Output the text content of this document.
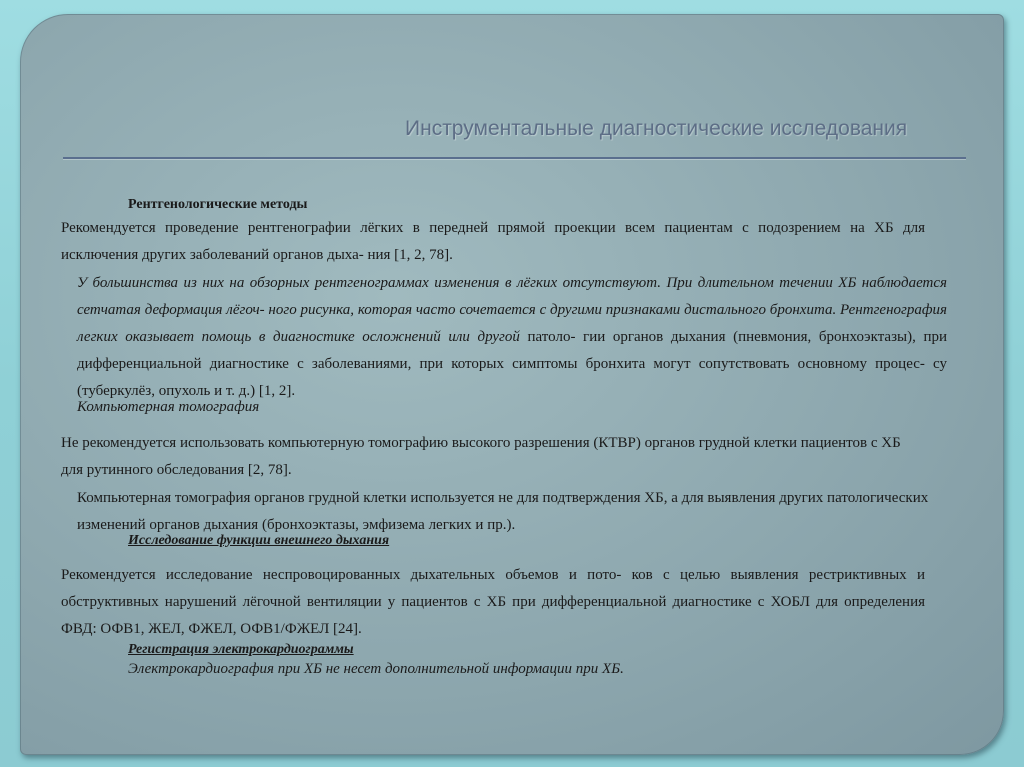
Инструментальные диагностические исследования
Рентгенологические методы

Рекомендуется проведение рентгенографии лёгких в передней прямой проекции всем пациентам с подозрением на ХБ для исключения других заболеваний органов дыха- ния [1, 2, 78].

У большинства из них на обзорных рентгенограммах изменения в лёгких отсутствуют. При длительном течении ХБ наблюдается сетчатая деформация лёгоч- ного рисунка, которая часто сочетается с другими признаками дистального бронхита. Рентгенография легких оказывает помощь в диагностике осложнений или другой патоло- гии органов дыхания (пневмония, бронхоэктазы), при дифференциальной диагностике с заболеваниями, при которых симптомы бронхита могут сопутствовать основному процес- су (туберкулёз, опухоль и т. д.) [1, 2].

Компьютерная томография

Не рекомендуется использовать компьютерную томографию высокого разрешения (КТВР) органов грудной клетки пациентов с ХБ для рутинного обследования [2, 78].

Компьютерная томография органов грудной клетки используется не для подтверждения ХБ, а для выявления других патологических изменений органов дыхания (бронхоэктазы, эмфизема легких и пр.).

Исследование функции внешнего дыхания

Рекомендуется исследование неспровоцированных дыхательных объемов и пото- ков с целью выявления рестриктивных и обструктивных нарушений лёгочной вентиляции у пациентов с ХБ при дифференциальной диагностике с ХОБЛ для определения ФВД: ОФВ1, ЖЕЛ, ФЖЕЛ, ОФВ1/ФЖЕЛ [24].

Регистрация электрокардиограммы
Электрокардиография при ХБ не несет дополнительной информации при ХБ.
